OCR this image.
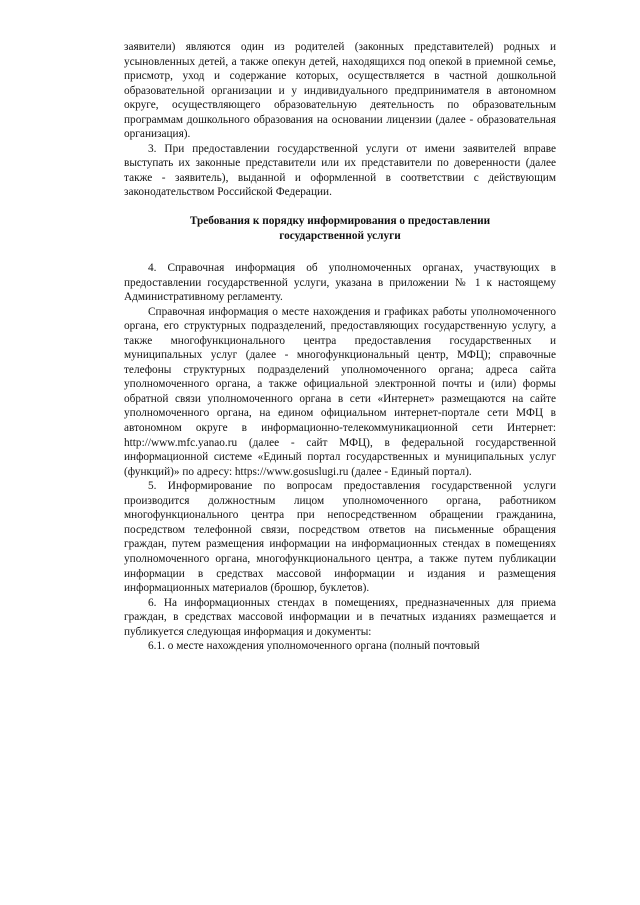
заявители) являются один из родителей (законных представителей) родных и усыновленных детей, а также опекун детей, находящихся под опекой в приемной семье, присмотр, уход и содержание которых, осуществляется в частной дошкольной образовательной организации и у индивидуального предпринимателя в автономном округе, осуществляющего образовательную деятельность по образовательным программам дошкольного образования на основании лицензии (далее - образовательная организация).

3. При предоставлении государственной услуги от имени заявителей вправе выступать их законные представители или их представители по доверенности (далее также - заявитель), выданной и оформленной в соответствии с действующим законодательством Российской Федерации.

Требования к порядку информирования о предоставлении
государственной услуги

4. Справочная информация об уполномоченных органах, участвующих в предоставлении государственной услуги, указана в приложении № 1 к настоящему Административному регламенту.

Справочная информация о месте нахождения и графиках работы уполномоченного органа, его структурных подразделений, предоставляющих государственную услугу, а также многофункционального центра предоставления государственных и муниципальных услуг (далее - многофункциональный центр, МФЦ); справочные телефоны структурных подразделений уполномоченного органа; адреса сайта уполномоченного органа, а также официальной электронной почты и (или) формы обратной связи уполномоченного органа в сети «Интернет» размещаются на сайте уполномоченного органа, на едином официальном интернет-портале сети МФЦ в автономном округе в информационно-телекоммуникационной сети Интернет: http://www.mfc.yanao.ru (далее - сайт МФЦ), в федеральной государственной информационной системе «Единый портал государственных и муниципальных услуг (функций)» по адресу: https://www.gosuslugi.ru (далее - Единый портал).

5. Информирование по вопросам предоставления государственной услуги производится должностным лицом уполномоченного органа, работником многофункционального центра при непосредственном обращении гражданина, посредством телефонной связи, посредством ответов на письменные обращения граждан, путем размещения информации на информационных стендах в помещениях уполномоченного органа, многофункционального центра, а также путем публикации информации в средствах массовой информации и издания и размещения информационных материалов (брошюр, буклетов).

6. На информационных стендах в помещениях, предназначенных для приема граждан, в средствах массовой информации и в печатных изданиях размещается и публикуется следующая информация и документы:

6.1. о месте нахождения уполномоченного органа (полный почтовый
